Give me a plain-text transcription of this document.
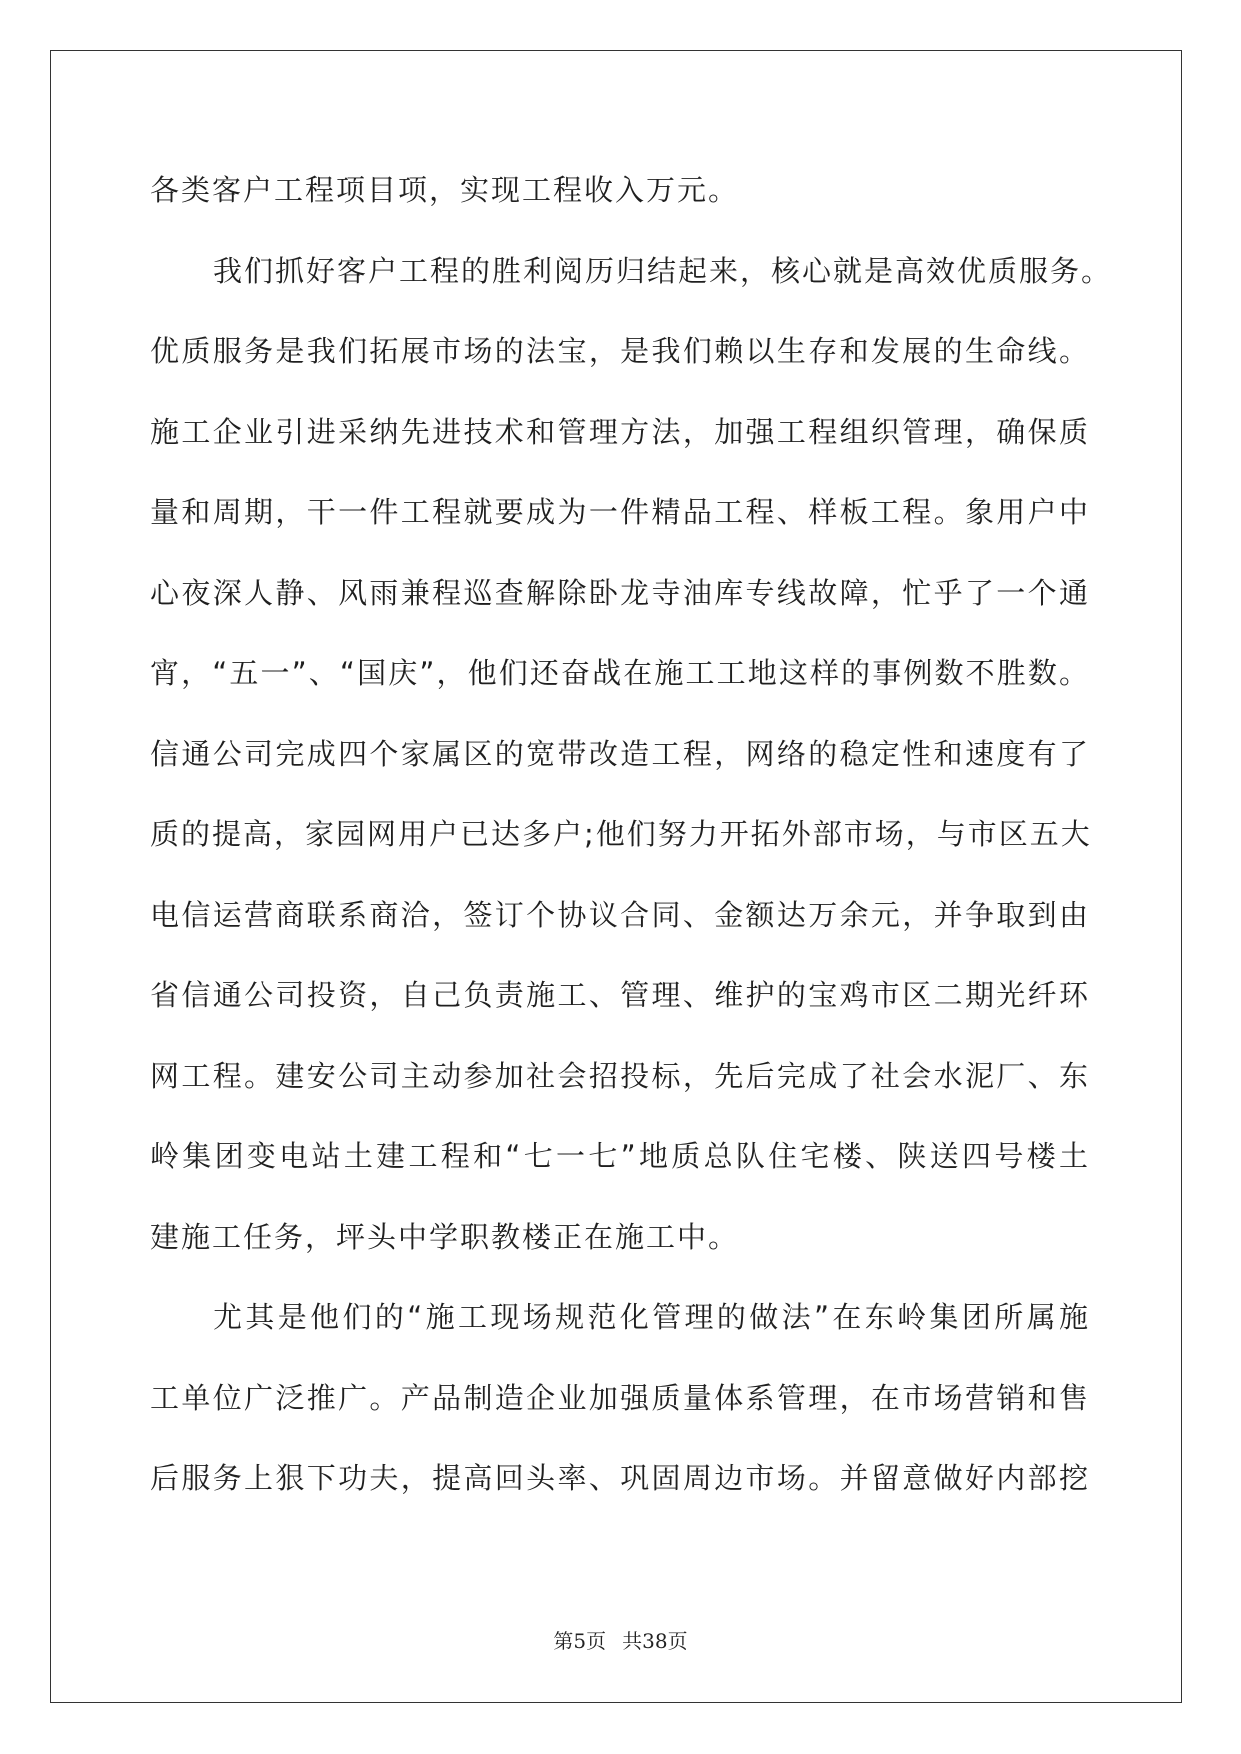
各类客户工程项目项，实现工程收入万元。
我们抓好客户工程的胜利阅历归结起来，核心就是高效优质服务。
优质服务是我们拓展市场的法宝，是我们赖以生存和发展的生命线。
施工企业引进采纳先进技术和管理方法，加强工程组织管理，确保质
量和周期，干一件工程就要成为一件精品工程、样板工程。象用户中
心夜深人静、风雨兼程巡查解除卧龙寺油库专线故障，忙乎了一个通
宵，“五一”、“国庆”，他们还奋战在施工工地这样的事例数不胜数。
信通公司完成四个家属区的宽带改造工程，网络的稳定性和速度有了
质的提高，家园网用户已达多户;他们努力开拓外部市场，与市区五大
电信运营商联系商洽，签订个协议合同、金额达万余元，并争取到由
省信通公司投资，自己负责施工、管理、维护的宝鸡市区二期光纤环
网工程。建安公司主动参加社会招投标，先后完成了社会水泥厂、东
岭集团变电站土建工程和“七一七”地质总队住宅楼、陕送四号楼土
建施工任务，坪头中学职教楼正在施工中。
尤其是他们的“施工现场规范化管理的做法”在东岭集团所属施
工单位广泛推广。产品制造企业加强质量体系管理，在市场营销和售
后服务上狠下功夫，提高回头率、巩固周边市场。并留意做好内部挖
第5页 共38页
